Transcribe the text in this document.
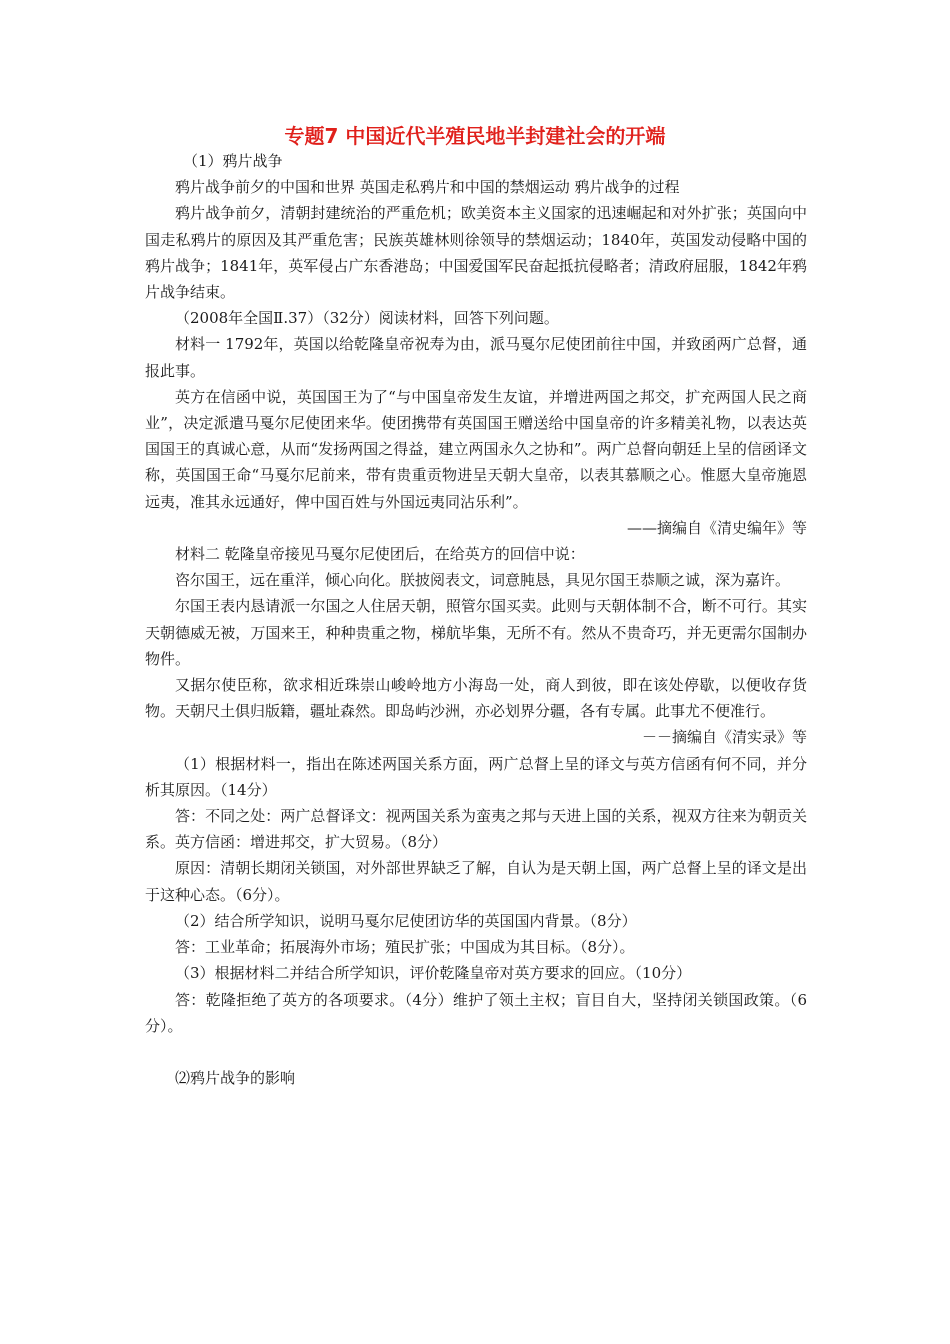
专题7 中国近代半殖民地半封建社会的开端

（1）鸦片战争

鸦片战争前夕的中国和世界 英国走私鸦片和中国的禁烟运动 鸦片战争的过程

鸦片战争前夕，清朝封建统治的严重危机；欧美资本主义国家的迅速崛起和对外扩张；英国向中国走私鸦片的原因及其严重危害；民族英雄林则徐领导的禁烟运动；1840年，英国发动侵略中国的鸦片战争；1841年，英军侵占广东香港岛；中国爱国军民奋起抵抗侵略者；清政府屈服，1842年鸦片战争结束。

（2008年全国Ⅱ.37）（32分）阅读材料，回答下列问题。

材料一 1792年，英国以给乾隆皇帝祝寿为由，派马戛尔尼使团前往中国，并致函两广总督，通报此事。

英方在信函中说，英国国王为了“与中国皇帝发生友谊，并增进两国之邦交，扩充两国人民之商业”，决定派遣马戛尔尼使团来华。使团携带有英国国王赠送给中国皇帝的许多精美礼物，以表达英国国王的真诚心意，从而“发扬两国之得益，建立两国永久之协和”。两广总督向朝廷上呈的信函译文称，英国国王命“马戛尔尼前来，带有贵重贡物进呈天朝大皇帝，以表其慕顺之心。惟愿大皇帝施恩远夷，准其永远通好，俾中国百姓与外国远夷同沾乐利”。

——摘编自《清史编年》等

材料二 乾隆皇帝接见马戛尔尼使团后，在给英方的回信中说：

咨尔国王，远在重洋，倾心向化。朕披阅表文，词意肫恳，具见尔国王恭顺之诚，深为嘉许。

尔国王表内恳请派一尔国之人住居天朝，照管尔国买卖。此则与天朝体制不合，断不可行。其实天朝德威无被，万国来王，种种贵重之物，梯航毕集，无所不有。然从不贵奇巧，并无更需尔国制办物件。

又据尔使臣称，欲求相近珠崇山峻岭地方小海岛一处，商人到彼，即在该处停歇，以便收存货物。天朝尺土俱归版籍，疆址森然。即岛屿沙洲，亦必划界分疆，各有专属。此事尤不便准行。

－－摘编自《清实录》等

（1）根据材料一，指出在陈述两国关系方面，两广总督上呈的译文与英方信函有何不同，并分析其原因。（14分）

答：不同之处：两广总督译文：视两国关系为蛮夷之邦与天进上国的关系，视双方往来为朝贡关系。英方信函：增进邦交，扩大贸易。（8分）

原因：清朝长期闭关锁国，对外部世界缺乏了解，自认为是天朝上国，两广总督上呈的译文是出于这种心态。（6分）。

（2）结合所学知识，说明马戛尔尼使团访华的英国国内背景。（8分）

答：工业革命；拓展海外市场；殖民扩张；中国成为其目标。（8分）。

（3）根据材料二并结合所学知识，评价乾隆皇帝对英方要求的回应。（10分）

答：乾隆拒绝了英方的各项要求。（4分）维护了领土主权；盲目自大，坚持闭关锁国政策。（6分）。

⑵鸦片战争的影响
